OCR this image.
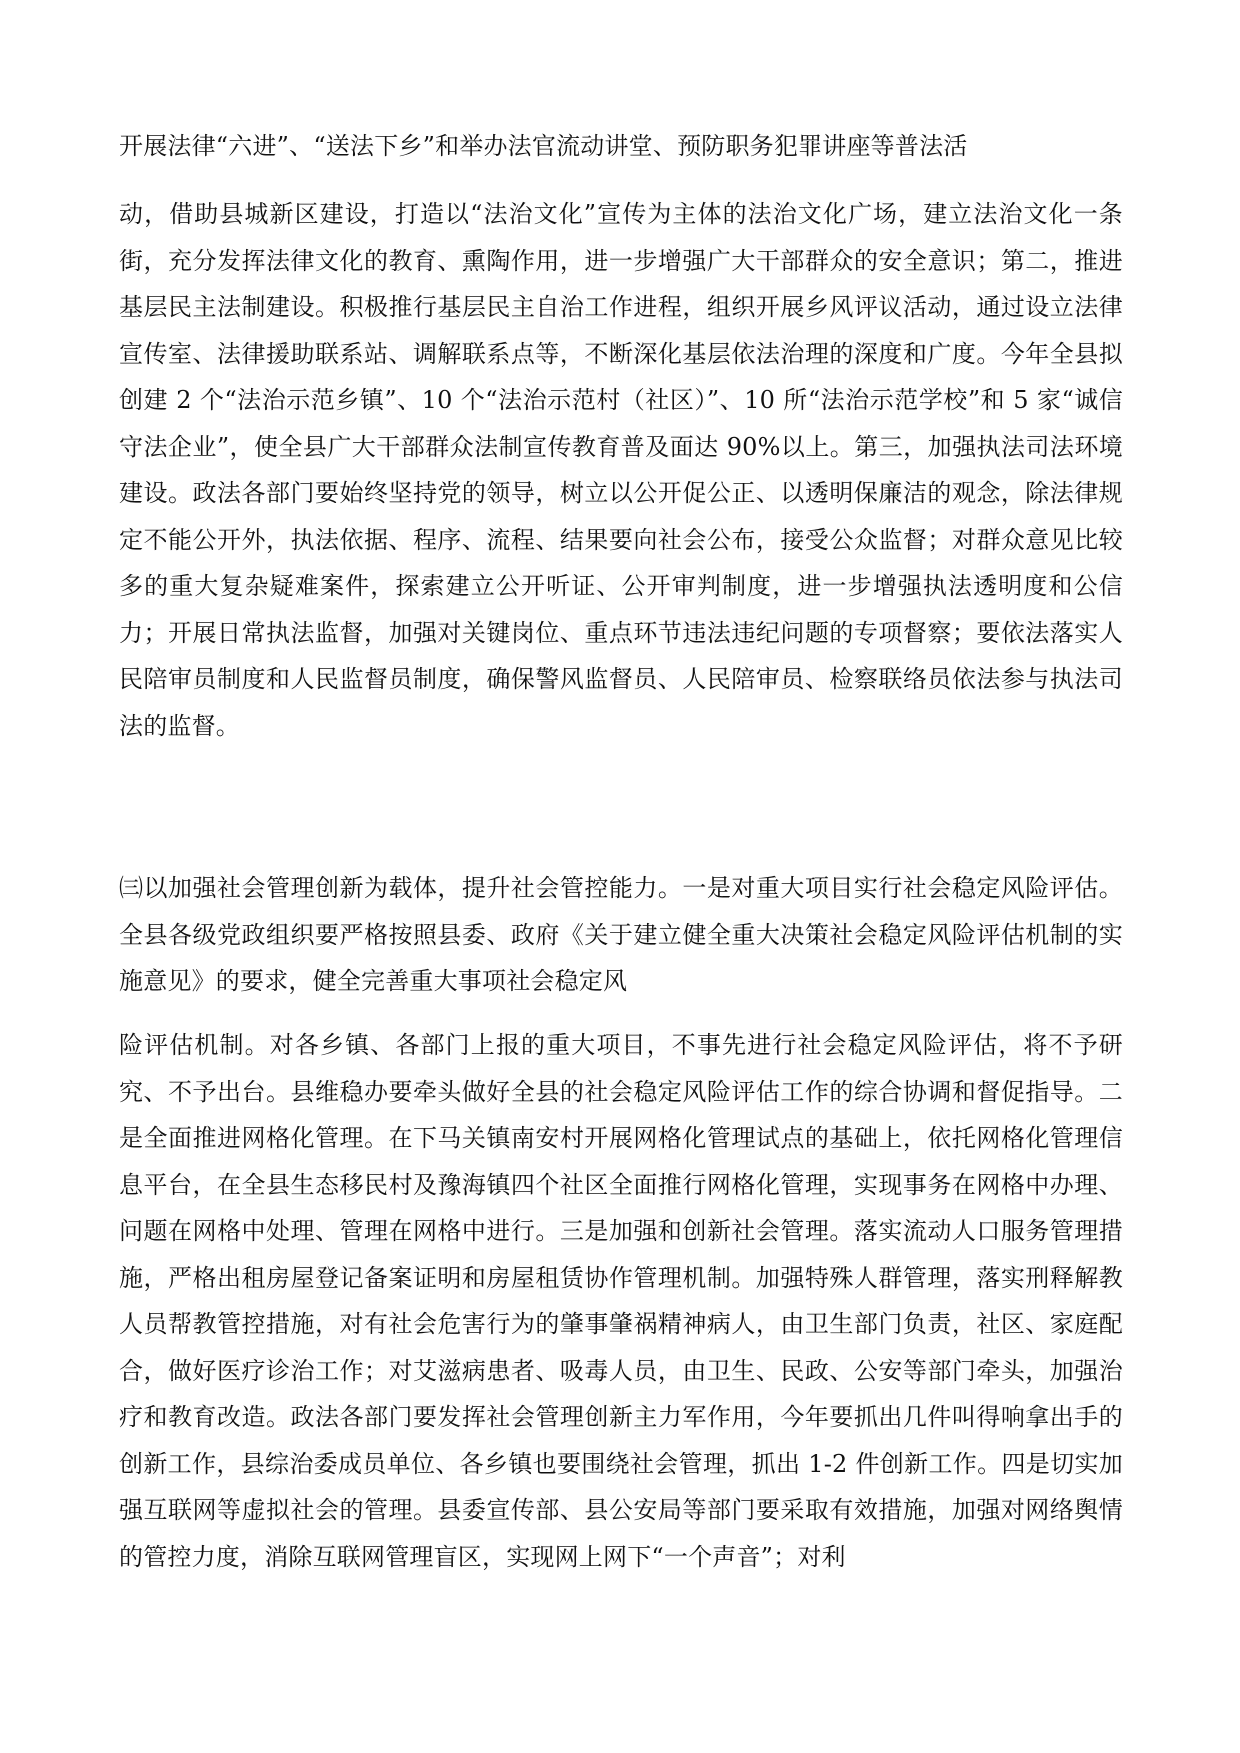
开展法律“六进”、“送法下乡”和举办法官流动讲堂、预防职务犯罪讲座等普法活

动，借助县城新区建设，打造以“法治文化”宣传为主体的法治文化广场，建立法治文化一条街，充分发挥法律文化的教育、熏陶作用，进一步增强广大干部群众的安全意识；第二，推进基层民主法制建设。积极推行基层民主自治工作进程，组织开展乡风评议活动，通过设立法律宣传室、法律援助联系站、调解联系点等，不断深化基层依法治理的深度和广度。今年全县拟创建 2 个“法治示范乡镇”、10 个“法治示范村（社区）”、10 所“法治示范学校”和 5 家“诚信守法企业”，使全县广大干部群众法制宣传教育普及面达 90%以上。第三，加强执法司法环境建设。政法各部门要始终坚持党的领导，树立以公开促公正、以透明保廉洁的观念，除法律规定不能公开外，执法依据、程序、流程、结果要向社会公布，接受公众监督；对群众意见比较多的重大复杂疑难案件，探索建立公开听证、公开审判制度，进一步增强执法透明度和公信力；开展日常执法监督，加强对关键岗位、重点环节违法违纪问题的专项督察；要依法落实人民陪审员制度和人民监督员制度，确保警风监督员、人民陪审员、检察联络员依法参与执法司法的监督。

㈢以加强社会管理创新为载体，提升社会管控能力。一是对重大项目实行社会稳定风险评估。全县各级党政组织要严格按照县委、政府《关于建立健全重大决策社会稳定风险评估机制的实施意见》的要求，健全完善重大事项社会稳定风

险评估机制。对各乡镇、各部门上报的重大项目，不事先进行社会稳定风险评估，将不予研究、不予出台。县维稳办要牵头做好全县的社会稳定风险评估工作的综合协调和督促指导。二是全面推进网格化管理。在下马关镇南安村开展网格化管理试点的基础上，依托网格化管理信息平台，在全县生态移民村及豫海镇四个社区全面推行网格化管理，实现事务在网格中办理、问题在网格中处理、管理在网格中进行。三是加强和创新社会管理。落实流动人口服务管理措施，严格出租房屋登记备案证明和房屋租赁协作管理机制。加强特殊人群管理，落实刑释解教人员帮教管控措施，对有社会危害行为的肇事肇祸精神病人，由卫生部门负责，社区、家庭配合，做好医疗诊治工作；对艾滋病患者、吸毒人员，由卫生、民政、公安等部门牵头，加强治疗和教育改造。政法各部门要发挥社会管理创新主力军作用，今年要抓出几件叫得响拿出手的创新工作，县综治委成员单位、各乡镇也要围绕社会管理，抓出 1-2 件创新工作。四是切实加强互联网等虚拟社会的管理。县委宣传部、县公安局等部门要采取有效措施，加强对网络舆情的管控力度，消除互联网管理盲区，实现网上网下“一个声音”；对利
